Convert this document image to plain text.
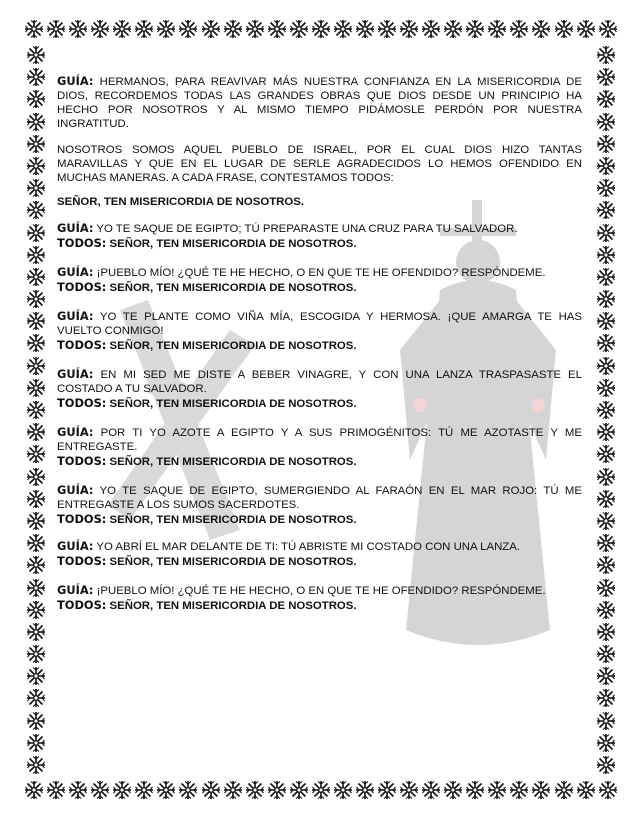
GUÍA: HERMANOS, PARA REAVIVAR MÁS NUESTRA CONFIANZA EN LA MISERICORDIA DE DIOS, RECORDEMOS TODAS LAS GRANDES OBRAS QUE DIOS DESDE UN PRINCIPIO HA HECHO POR NOSOTROS Y AL MISMO TIEMPO PIDÁMOSLE PERDÓN POR NUESTRA INGRATITUD.

NOSOTROS SOMOS AQUEL PUEBLO DE ISRAEL, POR EL CUAL DIOS HIZO TANTAS MARAVILLAS Y QUE EN EL LUGAR DE SERLE AGRADECIDOS LO HEMOS OFENDIDO EN MUCHAS MANERAS. A CADA FRASE, CONTESTAMOS TODOS:

SEÑOR, TEN MISERICORDIA DE NOSOTROS.

GUÍA: YO TE SAQUE DE EGIPTO; TÚ PREPARASTE UNA CRUZ PARA TU SALVADOR.

TODOS: SEÑOR, TEN MISERICORDIA DE NOSOTROS.

GUÍA: ¡PUEBLO MÍO! ¿QUÉ TE HE HECHO, O EN QUE TE HE OFENDIDO? RESPÓNDEME.

TODOS: SEÑOR, TEN MISERICORDIA DE NOSOTROS.

GUÍA: YO TE PLANTE COMO VIÑA MÍA, ESCOGIDA Y HERMOSA. ¡QUE AMARGA TE HAS VUELTO CONMIGO!

TODOS: SEÑOR, TEN MISERICORDIA DE NOSOTROS.

GUÍA: EN MI SED ME DISTE A BEBER VINAGRE, Y CON UNA LANZA TRASPASASTE EL COSTADO A TU SALVADOR.

TODOS: SEÑOR, TEN MISERICORDIA DE NOSOTROS.

GUÍA: POR TI YO AZOTE A EGIPTO Y A SUS PRIMOGÉNITOS: TÚ ME AZOTASTE Y ME ENTREGASTE.

TODOS: SEÑOR, TEN MISERICORDIA DE NOSOTROS.

GUÍA: YO TE SAQUE DE EGIPTO, SUMERGIENDO AL FARAÓN EN EL MAR ROJO: TÚ ME ENTREGASTE A LOS SUMOS SACERDOTES.

TODOS: SEÑOR, TEN MISERICORDIA DE NOSOTROS.

GUÍA: YO ABRÍ EL MAR DELANTE DE TI: TÚ ABRISTE MI COSTADO CON UNA LANZA.

TODOS: SEÑOR, TEN MISERICORDIA DE NOSOTROS.

GUÍA: ¡PUEBLO MÍO! ¿QUÉ TE HE HECHO, O EN QUE TE HE OFENDIDO? RESPÓNDEME.

TODOS: SEÑOR, TEN MISERICORDIA DE NOSOTROS.
